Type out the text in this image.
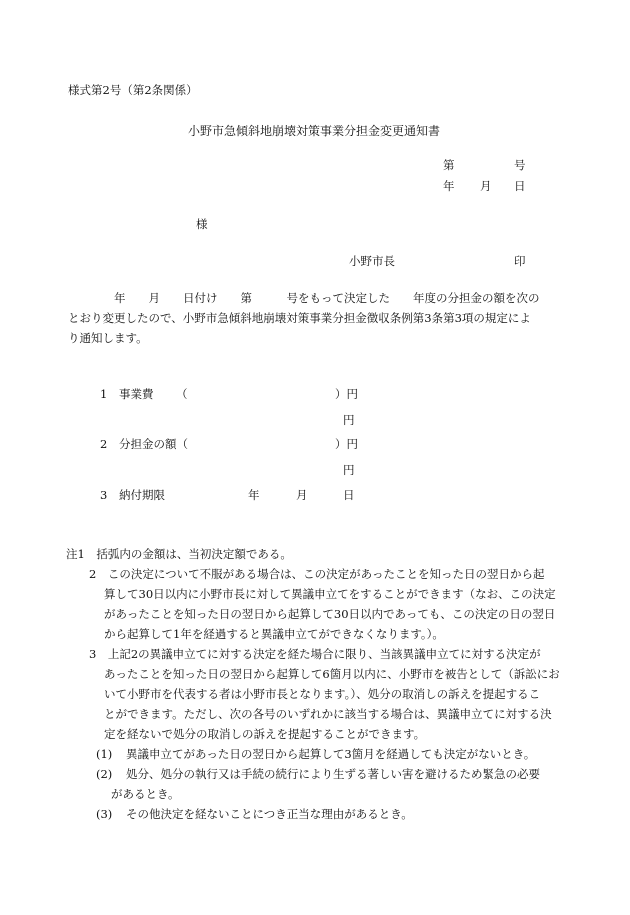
様式第2号（第2条関係）
小野市急傾斜地崩壊対策事業分担金変更通知書
第	号
年 月 日
様
小野市長	印
年　　月　　日付け　　第　　　号をもって決定した　　年度の分担金の額を次の
とおり変更したので、小野市急傾斜地崩壊対策事業分担金徴収条例第3条第3項の規定によ
り通知します。
1 事業費 （	）円
円
2 分担金の額（	）円
円
3 納付期限	年	月	日
注1　括弧内の金額は、当初決定額である。
2　この決定について不服がある場合は、この決定があったことを知った日の翌日から起
算して30日以内に小野市長に対して異議申立てをすることができます（なお、この決定
があったことを知った日の翌日から起算して30日以内であっても、この決定の日の翌日
から起算して1年を経過すると異議申立てができなくなります。）。
3　上記2の異議申立てに対する決定を経た場合に限り、当該異議申立てに対する決定が
あったことを知った日の翌日から起算して6箇月以内に、小野市を被告として（訴訟にお
いて小野市を代表する者は小野市長となります。）、処分の取消しの訴えを提起するこ
とができます。ただし、次の各号のいずれかに該当する場合は、異議申立てに対する決
定を経ないで処分の取消しの訴えを提起することができます。
(1) 異議申立てがあった日の翌日から起算して3箇月を経過しても決定がないとき。
(2) 処分、処分の執行又は手続の続行により生ずる著しい害を避けるため緊急の必要
があるとき。
(3) その他決定を経ないことにつき正当な理由があるとき。
